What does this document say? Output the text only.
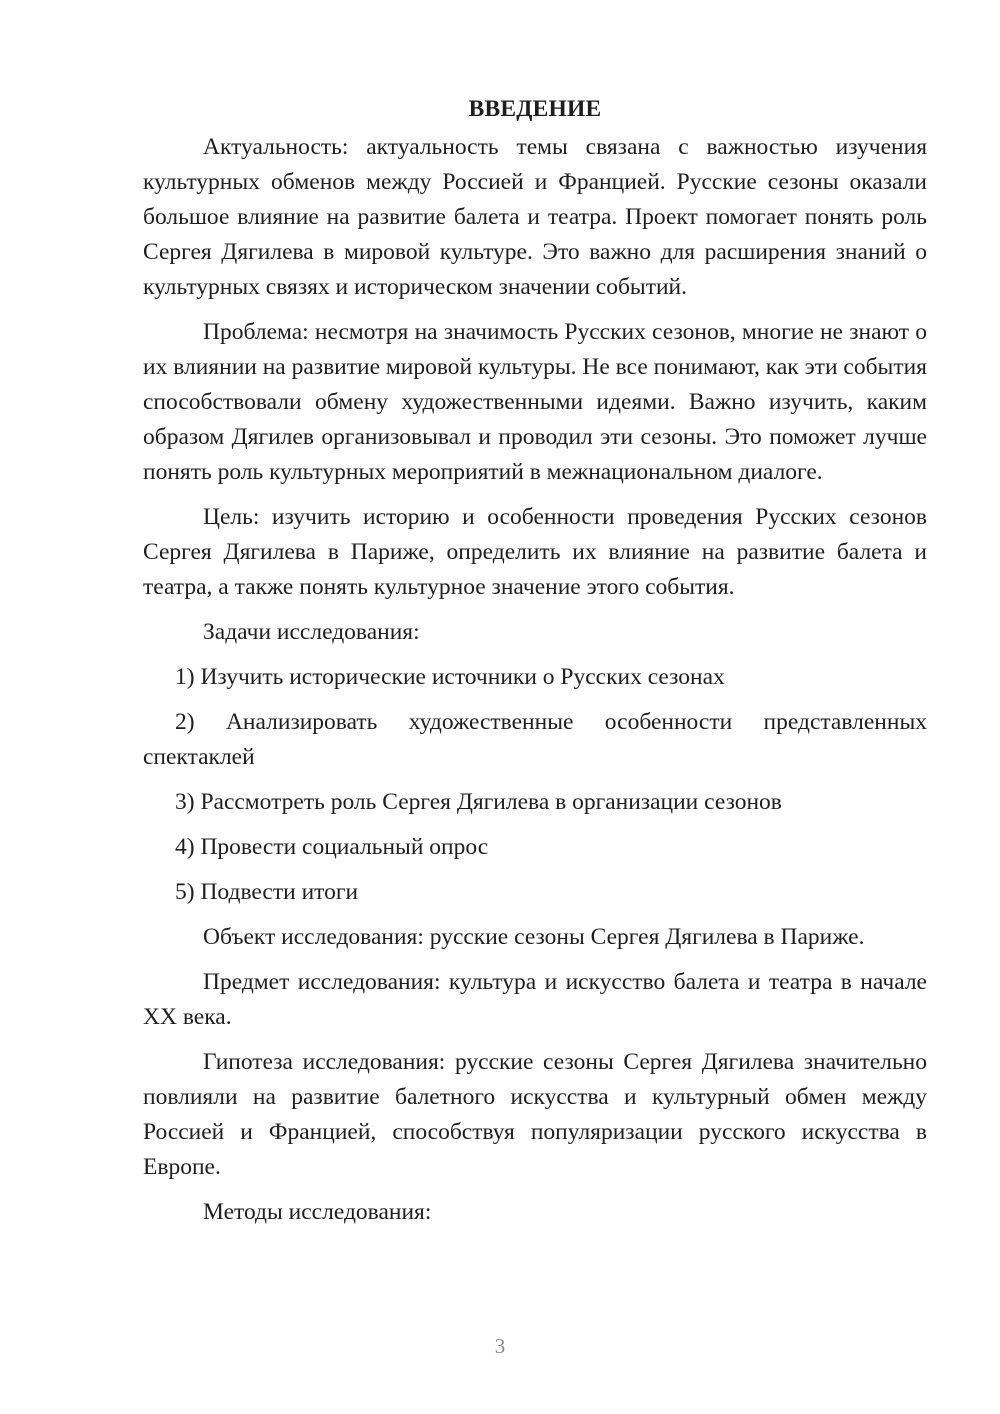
ВВЕДЕНИЕ

Актуальность: актуальность темы связана с важностью изучения культурных обменов между Россией и Францией. Русские сезоны оказали большое влияние на развитие балета и театра. Проект помогает понять роль Сергея Дягилева в мировой культуре. Это важно для расширения знаний о культурных связях и историческом значении событий.

Проблема: несмотря на значимость Русских сезонов, многие не знают о их влиянии на развитие мировой культуры. Не все понимают, как эти события способствовали обмену художественными идеями. Важно изучить, каким образом Дягилев организовывал и проводил эти сезоны. Это поможет лучше понять роль культурных мероприятий в межнациональном диалоге.

Цель: изучить историю и особенности проведения Русских сезонов Сергея Дягилева в Париже, определить их влияние на развитие балета и театра, а также понять культурное значение этого события.

Задачи исследования:

1) Изучить исторические источники о Русских сезонах

2) Анализировать художественные особенности представленных спектаклей

3) Рассмотреть роль Сергея Дягилева в организации сезонов

4) Провести социальный опрос

5) Подвести итоги

Объект исследования: русские сезоны Сергея Дягилева в Париже.

Предмет исследования: культура и искусство балета и театра в начале XX века.

Гипотеза исследования: русские сезоны Сергея Дягилева значительно повлияли на развитие балетного искусства и культурный обмен между Россией и Францией, способствуя популяризации русского искусства в Европе.

Методы исследования:

3
